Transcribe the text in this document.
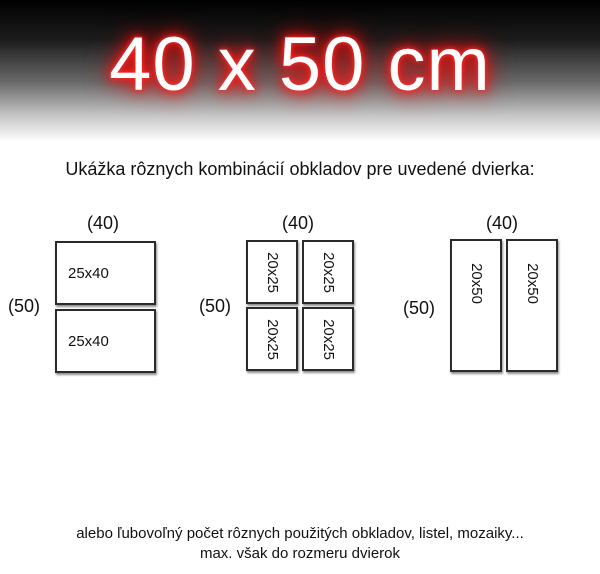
40 x 50 cm
Ukážka rôznych kombinácií obkladov pre uvedené dvierka:
(40)
(50)
25x40
25x40
(40)
(50)
20x25	20x25
20x25	20x25
(40)
(50)
20x50	20x50
alebo ľubovoľný počet rôznych použitých obkladov, listel, mozaiky...
max. však do rozmeru dvierok
